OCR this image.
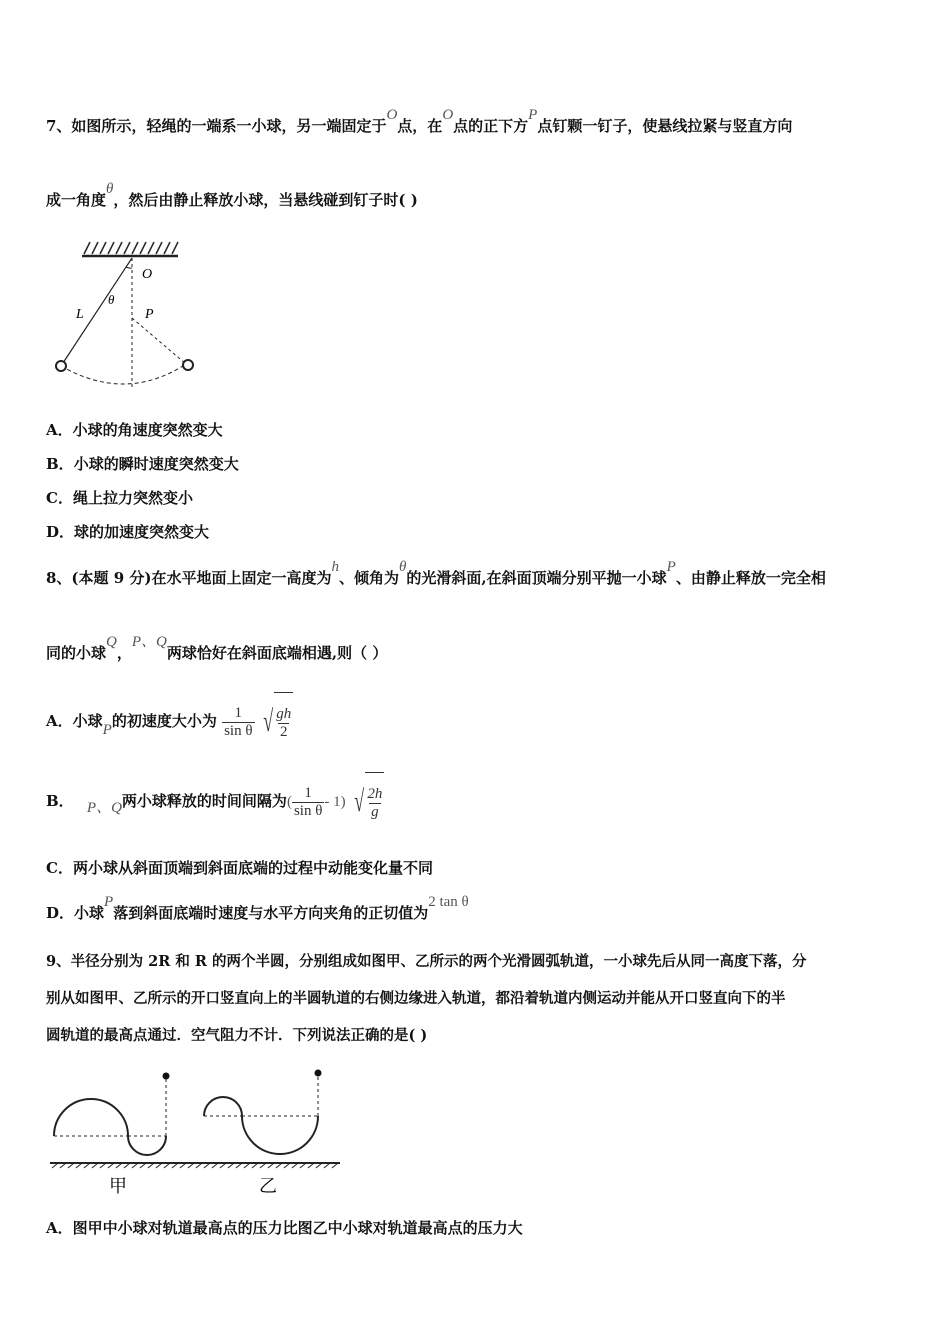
7、如图所示，轻绳的一端系一小球，另一端固定于O点，在O点的正下方P点钉颗一钉子，使悬线拉紧与竖直方向
成一角度θ，然后由静止释放小球，当悬线碰到钉子时( )
O
L
θ
P
A．小球的角速度突然变大
B．小球的瞬时速度突然变大
C．绳上拉力突然变小
D．球的加速度突然变大
8、(本题 9 分)在水平地面上固定一高度为h、倾角为θ的光滑斜面,在斜面顶端分别平抛一小球P、由静止释放一完全相
同的小球Q，P、Q两球恰好在斜面底端相遇,则（ ）
A．小球P的初速度大小为 $\frac{1}{\text{sin θ}}$
√ $\frac{gh}{2}$
B． P、Q两小球释放的时间间隔为( $\frac{1}{\text{sin θ}} - 1$) √ $\frac{2h}{g}$
C．两小球从斜面顶端到斜面底端的过程中动能变化量不同
D．小球P落到斜面底端时速度与水平方向夹角的正切值为2 tan θ
9、半径分别为 2R 和 R 的两个半圆，分别组成如图甲、乙所示的两个光滑圆弧轨道，一小球先后从同一高度下落，分
别从如图甲、乙所示的开口竖直向上的半圆轨道的右侧边缘进入轨道，都沿着轨道内侧运动并能从开口竖直向下的半
圆轨道的最高点通过．空气阻力不计．下列说法正确的是( )
甲	乙
A．图甲中小球对轨道最高点的压力比图乙中小球对轨道最高点的压力大
